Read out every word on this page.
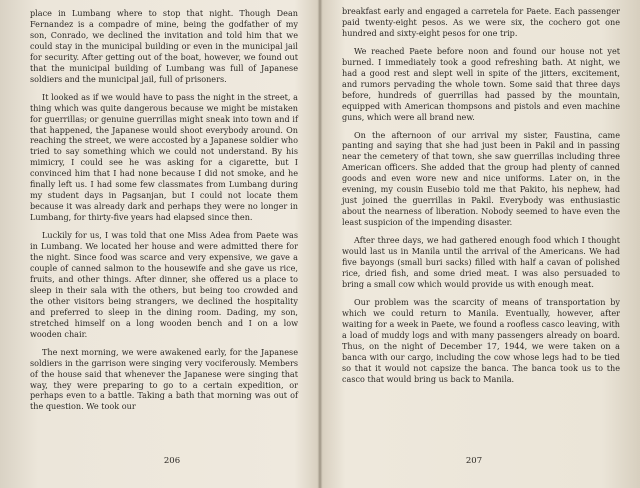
place in Lumbang where to stop that night. Though Dean Fernandez is a compadre of mine, being the godfather of my son, Conrado, we declined the invitation and told him that we could stay in the municipal building or even in the municipal jail for security. After getting out of the boat, however, we found out that the municipal building of Lumbang was full of Japanese soldiers and the municipal jail, full of prisoners.

It looked as if we would have to pass the night in the street, a thing which was quite dangerous because we might be mistaken for guerrillas; or genuine guerrillas might sneak into town and if that happened, the Japanese would shoot everybody around. On reaching the street, we were accosted by a Japanese soldier who tried to say something which we could not understand. By his mimicry, I could see he was asking for a cigarette, but I convinced him that I had none because I did not smoke, and he finally left us. I had some few classmates from Lumbang during my student days in Pagsanjan, but I could not locate them because it was already dark and perhaps they were no longer in Lumbang, for thirty-five years had elapsed since then.

Luckily for us, I was told that one Miss Adea from Paete was in Lumbang. We located her house and were admitted there for the night. Since food was scarce and very expensive, we gave a couple of canned salmon to the housewife and she gave us rice, fruits, and other things. After dinner, she offered us a place to sleep in their sala with the others, but being too crowded and the other visitors being strangers, we declined the hospitality and preferred to sleep in the dining room. Dading, my son, stretched himself on a long wooden bench and I on a low wooden chair.

The next morning, we were awakened early, for the Japanese soldiers in the garrison were singing very vociferously. Members of the house said that whenever the Japanese were singing that way, they were preparing to go to a certain expedition, or perhaps even to a battle. Taking a bath that morning was out of the question. We took our

206

breakfast early and engaged a carretela for Paete. Each passenger paid twenty-eight pesos. As we were six, the cochero got one hundred and sixty-eight pesos for one trip.

We reached Paete before noon and found our house not yet burned. I immediately took a good refreshing bath. At night, we had a good rest and slept well in spite of the jitters, excitement, and rumors pervading the whole town. Some said that three days before, hundreds of guerrillas had passed by the mountain, equipped with American thompsons and pistols and even machine guns, which were all brand new.

On the afternoon of our arrival my sister, Faustina, came panting and saying that she had just been in Pakil and in passing near the cemetery of that town, she saw guerrillas including three American officers. She added that the group had plenty of canned goods and even wore new and nice uniforms. Later on, in the evening, my cousin Eusebio told me that Pakito, his nephew, had just joined the guerrillas in Pakil. Everybody was enthusiastic about the nearness of liberation. Nobody seemed to have even the least suspicion of the impending disaster.

After three days, we had gathered enough food which I thought would last us in Manila until the arrival of the Americans. We had five bayongs (small buri sacks) filled with half a cavan of polished rice, dried fish, and some dried meat. I was also persuaded to bring a small cow which would provide us with enough meat.

Our problem was the scarcity of means of transportation by which we could return to Manila. Eventually, however, after waiting for a week in Paete, we found a roofless casco leaving, with a load of muddy logs and with many passengers already on board. Thus, on the night of December 17, 1944, we were taken on a banca with our cargo, including the cow whose legs had to be tied so that it would not capsize the banca. The banca took us to the casco that would bring us back to Manila.

207
